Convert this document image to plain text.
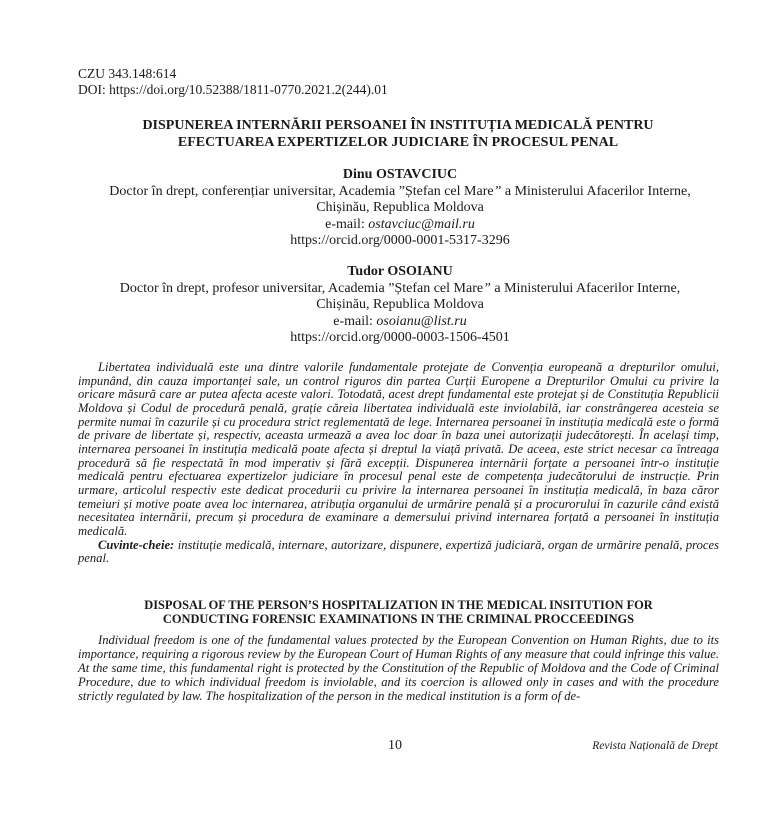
CZU 343.148:614
DOI: https://doi.org/10.52388/1811-0770.2021.2(244).01
DISPUNEREA INTERNĂRII PERSOANEI ÎN INSTITUȚIA MEDICALĂ PENTRU
EFECTUAREA EXPERTIZELOR JUDICIARE ÎN PROCESUL PENAL
Dinu OSTAVCIUC
Doctor în drept, conferențiar universitar, Academia ”Ștefan cel Mare” a Ministerului Afacerilor Interne,
Chișinău, Republica Moldova
e-mail: ostavciuc@mail.ru
https://orcid.org/0000-0001-5317-3296
Tudor OSOIANU
Doctor în drept, profesor universitar, Academia ”Ștefan cel Mare” a Ministerului Afacerilor Interne,
Chișinău, Republica Moldova
e-mail: osoianu@list.ru
https://orcid.org/0000-0003-1506-4501

Libertatea individuală este una dintre valorile fundamentale protejate de Convenția europeană a drepturilor omului, impunând, din cauza importanței sale, un control riguros din partea Curții Europene a Drepturilor Omului cu privire la oricare măsură care ar putea afecta aceste valori. Totodată, acest drept fundamental este protejat și de Constituția Republicii Moldova și Codul de procedură penală, grație căreia libertatea individuală este inviolabilă, iar constrângerea acesteia se permite numai în cazurile și cu procedura strict reglementată de lege. Internarea persoanei în instituția medicală este o formă de privare de libertate și, respectiv, aceasta urmează a avea loc doar în baza unei autorizații judecătorești. În același timp, internarea persoanei în instituția medicală poate afecta și dreptul la viață privată. De aceea, este strict necesar ca întreaga procedură să fie respectată în mod imperativ și fără excepții. Dispunerea internării forțate a persoanei într-o instituție medicală pentru efectuarea expertizelor judiciare în procesul penal este de competența judecătorului de instrucție. Prin urmare, articolul respectiv este dedicat procedurii cu privire la internarea persoanei în instituția medicală, în baza căror temeiuri și motive poate avea loc internarea, atribuția organului de urmărire penală și a procurorului în cazurile când există necesitatea internării, precum și procedura de examinare a demersului privind internarea forțată a persoanei în instituția medicală.

Cuvinte-cheie: instituție medicală, internare, autorizare, dispunere, expertiză judiciară, organ de urmărire penală, proces penal.

DISPOSAL OF THE PERSON’S HOSPITALIZATION IN THE MEDICAL INSITUTION FOR
CONDUCTING FORENSIC EXAMINATIONS IN THE CRIMINAL PROCCEEDINGS

Individual freedom is one of the fundamental values protected by the European Convention on Human Rights, due to its importance, requiring a rigorous review by the European Court of Human Rights of any measure that could infringe this value. At the same time, this fundamental right is protected by the Constitution of the Republic of Moldova and the Code of Criminal Procedure, due to which individual freedom is inviolable, and its coercion is allowed only in cases and with the procedure strictly regulated by law. The hospitalization of the person in the medical institution is a form of de-

10	Revista Națională de Drept
